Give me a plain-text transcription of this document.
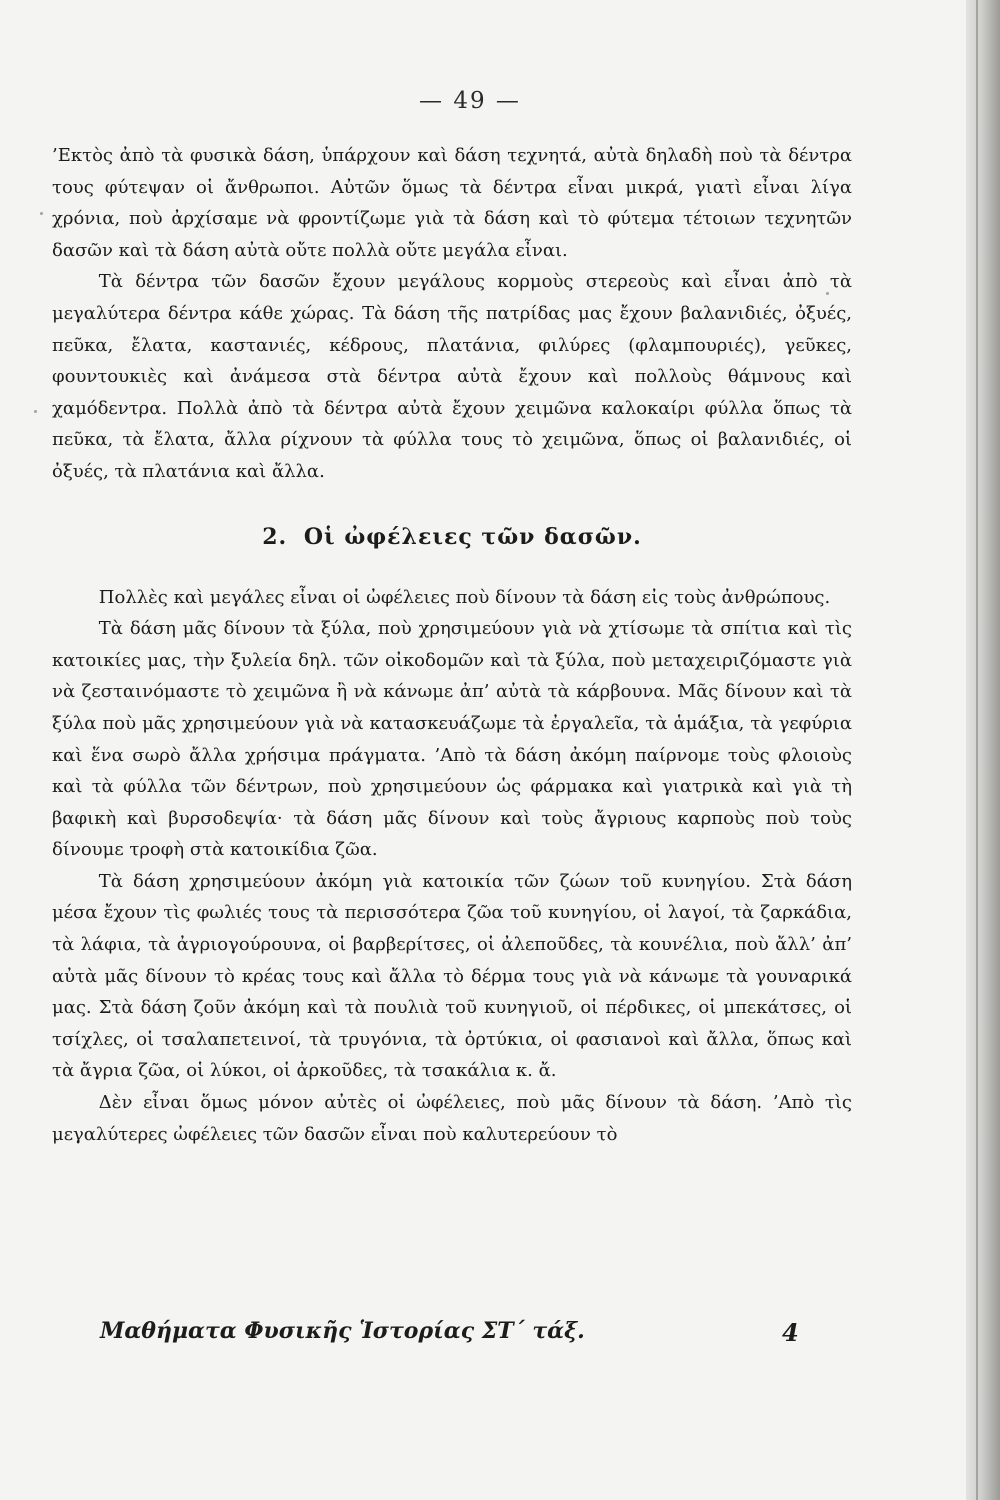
— 49 —

’Εκτὸς ἀπὸ τὰ φυσικὰ δάση, ὑπάρχουν καὶ δάση τεχνητά, αὐτὰ δηλαδὴ ποὺ τὰ δέντρα τους φύτεψαν οἱ ἄνθρωποι. Αὐτῶν ὅμως τὰ δέντρα εἶναι μικρά, γιατὶ εἶναι λίγα χρόνια, ποὺ ἀρχίσαμε νὰ φροντίζωμε γιὰ τὰ δάση καὶ τὸ φύτεμα τέτοιων τεχνητῶν δασῶν καὶ τὰ δάση αὐτὰ οὔτε πολλὰ οὔτε μεγάλα εἶναι.

Τὰ δέντρα τῶν δασῶν ἔχουν μεγάλους κορμοὺς στερεοὺς καὶ εἶναι ἀπὸ τὰ μεγαλύτερα δέντρα κάθε χώρας. Τὰ δάση τῆς πατρίδας μας ἔχουν βαλανιδιές, ὀξυές, πεῦκα, ἔλατα, καστανιές, κέδρους, πλατάνια, φιλύρες (φλαμπουριές), γεῦκες, φουντουκιὲς καὶ ἀνάμεσα στὰ δέντρα αὐτὰ ἔχουν καὶ πολλοὺς θάμνους καὶ χαμόδεντρα. Πολλὰ ἀπὸ τὰ δέντρα αὐτὰ ἔχουν χειμῶνα καλοκαίρι φύλλα ὅπως τὰ πεῦκα, τὰ ἔλατα, ἄλλα ρίχνουν τὰ φύλλα τους τὸ χειμῶνα, ὅπως οἱ βαλανιδιές, οἱ ὀξυές, τὰ πλατάνια καὶ ἄλλα.

2. Οἱ ὠφέλειες τῶν δασῶν.

Πολλὲς καὶ μεγάλες εἶναι οἱ ὠφέλειες ποὺ δίνουν τὰ δάση εἰς τοὺς ἀνθρώπους.

Τὰ δάση μᾶς δίνουν τὰ ξύλα, ποὺ χρησιμεύουν γιὰ νὰ χτίσωμε τὰ σπίτια καὶ τὶς κατοικίες μας, τὴν ξυλεία δηλ. τῶν οἰκοδομῶν καὶ τὰ ξύλα, ποὺ μεταχειριζόμαστε γιὰ νὰ ζεσταινόμαστε τὸ χειμῶνα ἢ νὰ κάνωμε ἀπ’ αὐτὰ τὰ κάρβουνα. Μᾶς δίνουν καὶ τὰ ξύλα ποὺ μᾶς χρησιμεύουν γιὰ νὰ κατασκευάζωμε τὰ ἐργαλεῖα, τὰ ἁμάξια, τὰ γεφύρια καὶ ἕνα σωρὸ ἄλλα χρήσιμα πράγματα. ’Απὸ τὰ δάση ἀκόμη παίρνομε τοὺς φλοιοὺς καὶ τὰ φύλλα τῶν δέντρων, ποὺ χρησιμεύουν ὡς φάρμακα καὶ γιατρικὰ καὶ γιὰ τὴ βαφικὴ καὶ βυρσοδεψία· τὰ δάση μᾶς δίνουν καὶ τοὺς ἄγριους καρποὺς ποὺ τοὺς δίνουμε τροφὴ στὰ κατοικίδια ζῶα.

Τὰ δάση χρησιμεύουν ἀκόμη γιὰ κατοικία τῶν ζώων τοῦ κυνηγίου. Στὰ δάση μέσα ἔχουν τὶς φωλιές τους τὰ περισσότερα ζῶα τοῦ κυνηγίου, οἱ λαγοί, τὰ ζαρκάδια, τὰ λάφια, τὰ ἀγριογούρουνα, οἱ βαρβερίτσες, οἱ ἀλεποῦδες, τὰ κουνέλια, ποὺ ἄλλ’ ἀπ’ αὐτὰ μᾶς δίνουν τὸ κρέας τους καὶ ἄλλα τὸ δέρμα τους γιὰ νὰ κάνωμε τὰ γουναρικά μας. Στὰ δάση ζοῦν ἀκόμη καὶ τὰ πουλιὰ τοῦ κυνηγιοῦ, οἱ πέρδικες, οἱ μπεκάτσες, οἱ τσίχλες, οἱ τσαλαπετεινοί, τὰ τρυγόνια, τὰ ὀρτύκια, οἱ φασιανοὶ καὶ ἄλλα, ὅπως καὶ τὰ ἄγρια ζῶα, οἱ λύκοι, οἱ ἀρκοῦδες, τὰ τσακάλια κ. ἄ.

Δὲν εἶναι ὅμως μόνον αὐτὲς οἱ ὠφέλειες, ποὺ μᾶς δίνουν τὰ δάση. ’Απὸ τὶς μεγαλύτερες ὠφέλειες τῶν δασῶν εἶναι ποὺ καλυτερεύουν τὸ

Μαθήματα Φυσικῆς Ἱστορίας ΣΤ΄ τάξ.	4
